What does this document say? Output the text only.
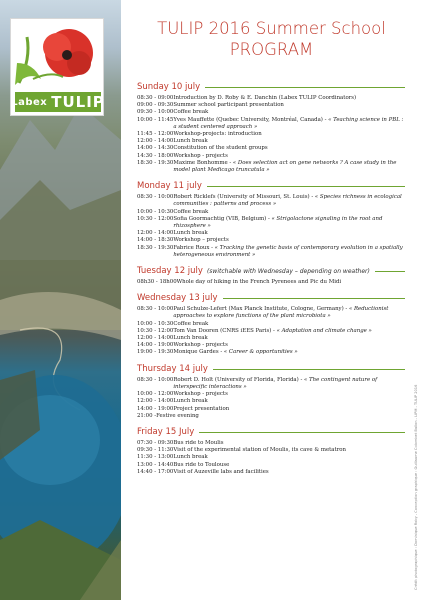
Labex TULIP
TULIP 2016 Summer School
PROGRAM
Sunday 10 july
08:30 - 09:00 Introduction by D. Roby & E. Danchin (Labex TULIP Coordinators)
09:00 - 09:30 Summer school participant presentation
09:30 - 10:00 Coffee break
10:00 - 11:45 Yves Mauffette (Quebec University, Montréal, Canada) - « Teaching science in PBL : a student centered approach »
11:45 - 12:00 Workshop-projects: introduction
12:00 - 14:00 Lunch break
14:00 - 14:30 Constitution of the student groups
14:30 - 18:00 Workshop - projects
18:30 - 19:30 Maxime Bonhomme - « Does selection act on gene networks ? A case study in the model plant Medicago truncatula »
Monday 11 july
08:30 - 10:00 Robert Ricklefs (University of Missouri, St. Louis) - « Species richness in ecological communities : patterns and process »
10:00 - 10:30 Coffee break
10:30 - 12:00 Sofia Goormachtig (VIB, Belgium) - « Strigolactone signaling in the root and rhizosphere »
12:00 - 14:00 Lunch break
14:00 - 18:30 Workshop – projects
18:30 - 19:30 Fabrice Roux - « Tracking the genetic basis of contemporary evolution in a spatially heterogeneous environment »
Tuesday 12 july (switchable with Wednesday – depending on weather)
08h30 - 18h00 Whole day of hiking in the French Pyrenees and Pic du Midi
Wednesday 13 july
08:30 - 10:00 Paul Schulze-Lefert (Max Planck Institute, Cologne, Germany) - « Reductionist approaches to explore functions of the plant microbiota »
10:00 - 10:30 Coffee break
10:30 - 12:00 Tom Van Dooren (CNRS iEES Paris) - « Adaptation and climate change »
12:00 - 14:00 Lunch break
14:00 - 19:00 Workshop - projects
19:00 - 19:30 Monique Gardes - « Career & opportunities »
Thursday 14 july
08:30 - 10:00 Robert D. Holt (University of Florida, Florida) - « The contingent nature of interspecific interactions »
10:00 - 12:00 Workshop - projects
12:00 - 14:00 Lunch break
14:00 - 19:00 Project presentation
21:00 - Festive evening
Friday 15 July
07:30 - 09:30 Bus ride to Moulis
09:30 - 11:30 Visit of the experimental station of Moulis, its cave & metatron
11:30 - 13:00 Lunch break
13:00 - 14:40 Bus ride to Toulouse
14:40 - 17:00 Visit of Auzeville labs and facilities	Crédit photographique : Dominique Roby - Conception graphique : Guillaume Colombet Ballon - LIPM - TULIP 2016
